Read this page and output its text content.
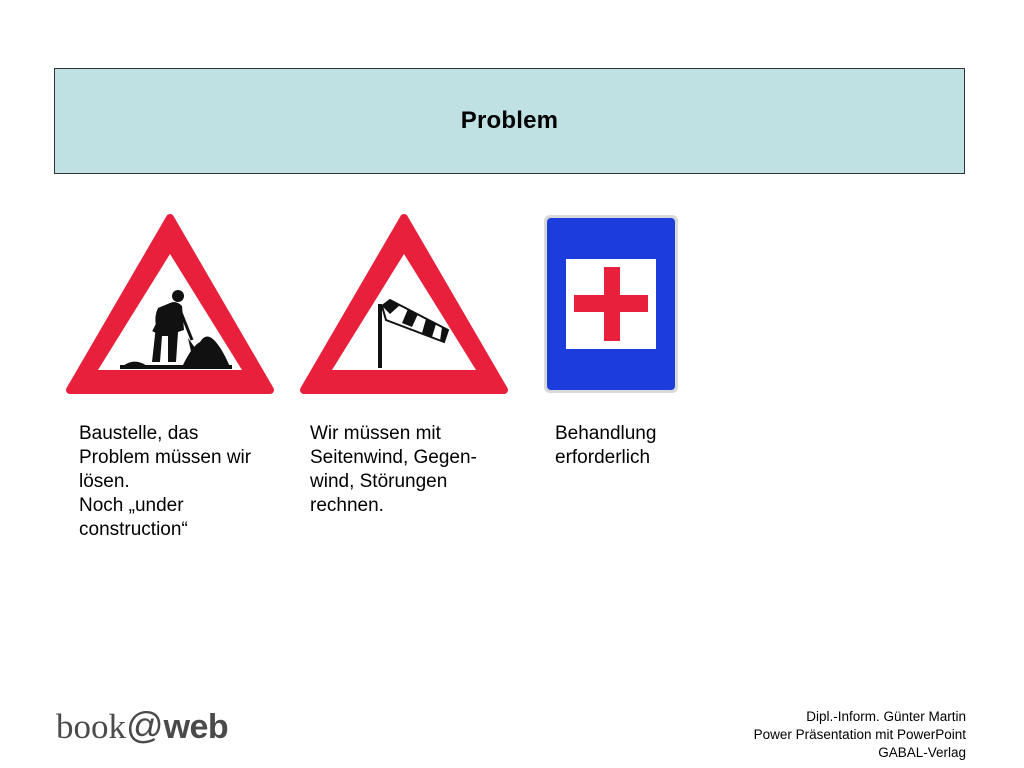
Problem
Baustelle, das
Problem müssen wir
lösen.
Noch „under
construction“
Wir müssen mit
Seitenwind, Gegen-
wind, Störungen
rechnen.
Behandlung
erforderlich
book @ web	Dipl.-Inform. Günter Martin
Power Präsentation mit PowerPoint
GABAL-Verlag
